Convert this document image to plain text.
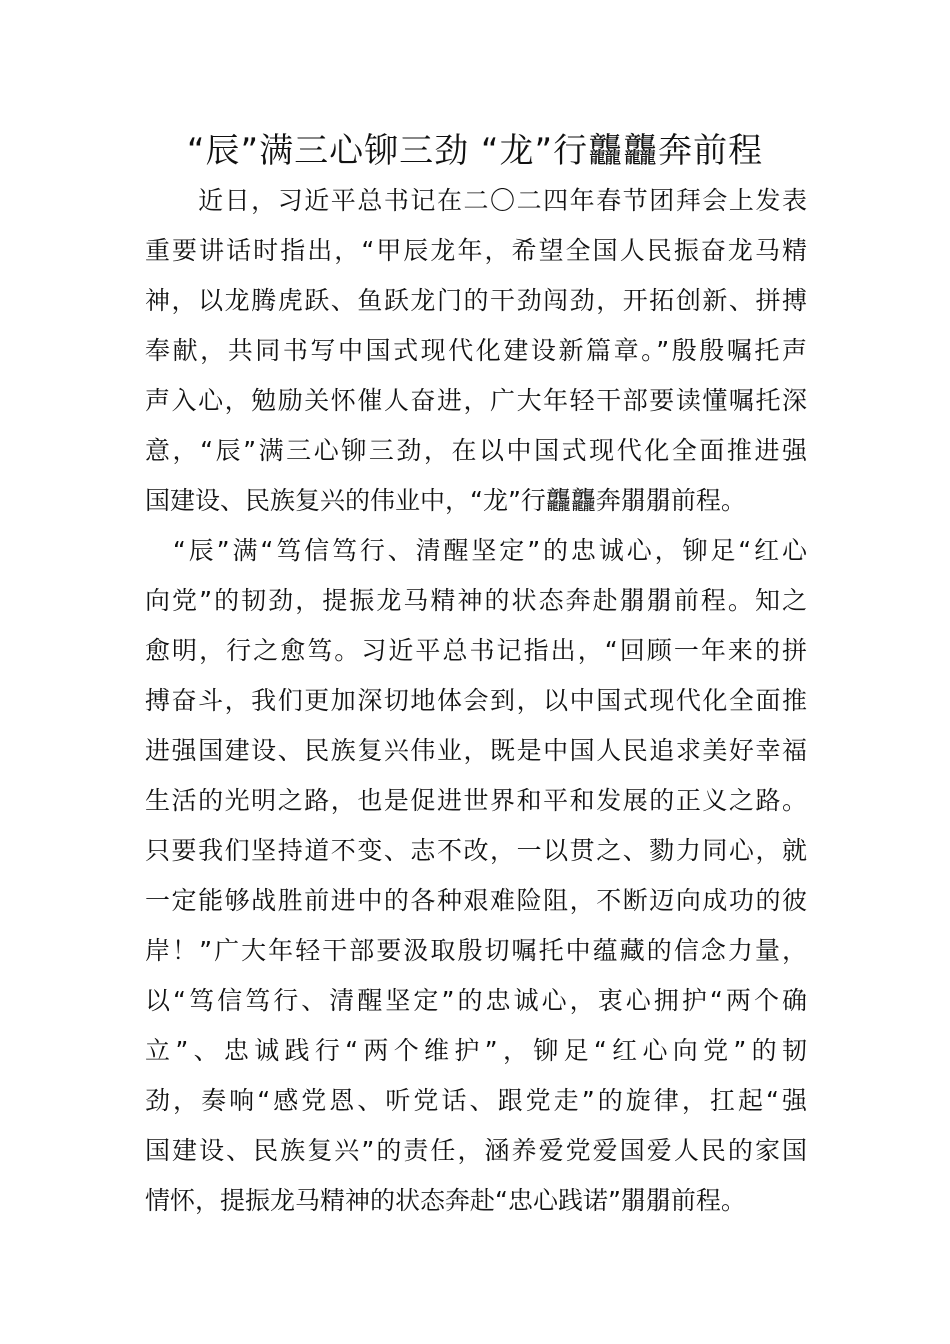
“辰”满三心铆三劲 “龙”行龘龘奔前程
　　近日，习近平总书记在二〇二四年春节团拜会上发表
重要讲话时指出，“甲辰龙年，希望全国人民振奋龙马精
神，以龙腾虎跃、鱼跃龙门的干劲闯劲，开拓创新、拼搏
奉献，共同书写中国式现代化建设新篇章。”殷殷嘱托声
声入心，勉励关怀催人奋进，广大年轻干部要读懂嘱托深
意，“辰”满三心铆三劲，在以中国式现代化全面推进强
国建设、民族复兴的伟业中，“龙”行龘龘奔朤朤前程。
　“辰”满“笃信笃行、清醒坚定”的忠诚心，铆足“红心
向党”的韧劲，提振龙马精神的状态奔赴朤朤前程。知之
愈明，行之愈笃。习近平总书记指出，“回顾一年来的拼
搏奋斗，我们更加深切地体会到，以中国式现代化全面推
进强国建设、民族复兴伟业，既是中国人民追求美好幸福
生活的光明之路，也是促进世界和平和发展的正义之路。
只要我们坚持道不变、志不改，一以贯之、勠力同心，就
一定能够战胜前进中的各种艰难险阻，不断迈向成功的彼
岸！”广大年轻干部要汲取殷切嘱托中蕴藏的信念力量，
以“笃信笃行、清醒坚定”的忠诚心，衷心拥护“两个确
立”、忠诚践行“两个维护”，铆足“红心向党”的韧
劲，奏响“感党恩、听党话、跟党走”的旋律，扛起“强
国建设、民族复兴”的责任，涵养爱党爱国爱人民的家国
情怀，提振龙马精神的状态奔赴“忠心践诺”朤朤前程。
